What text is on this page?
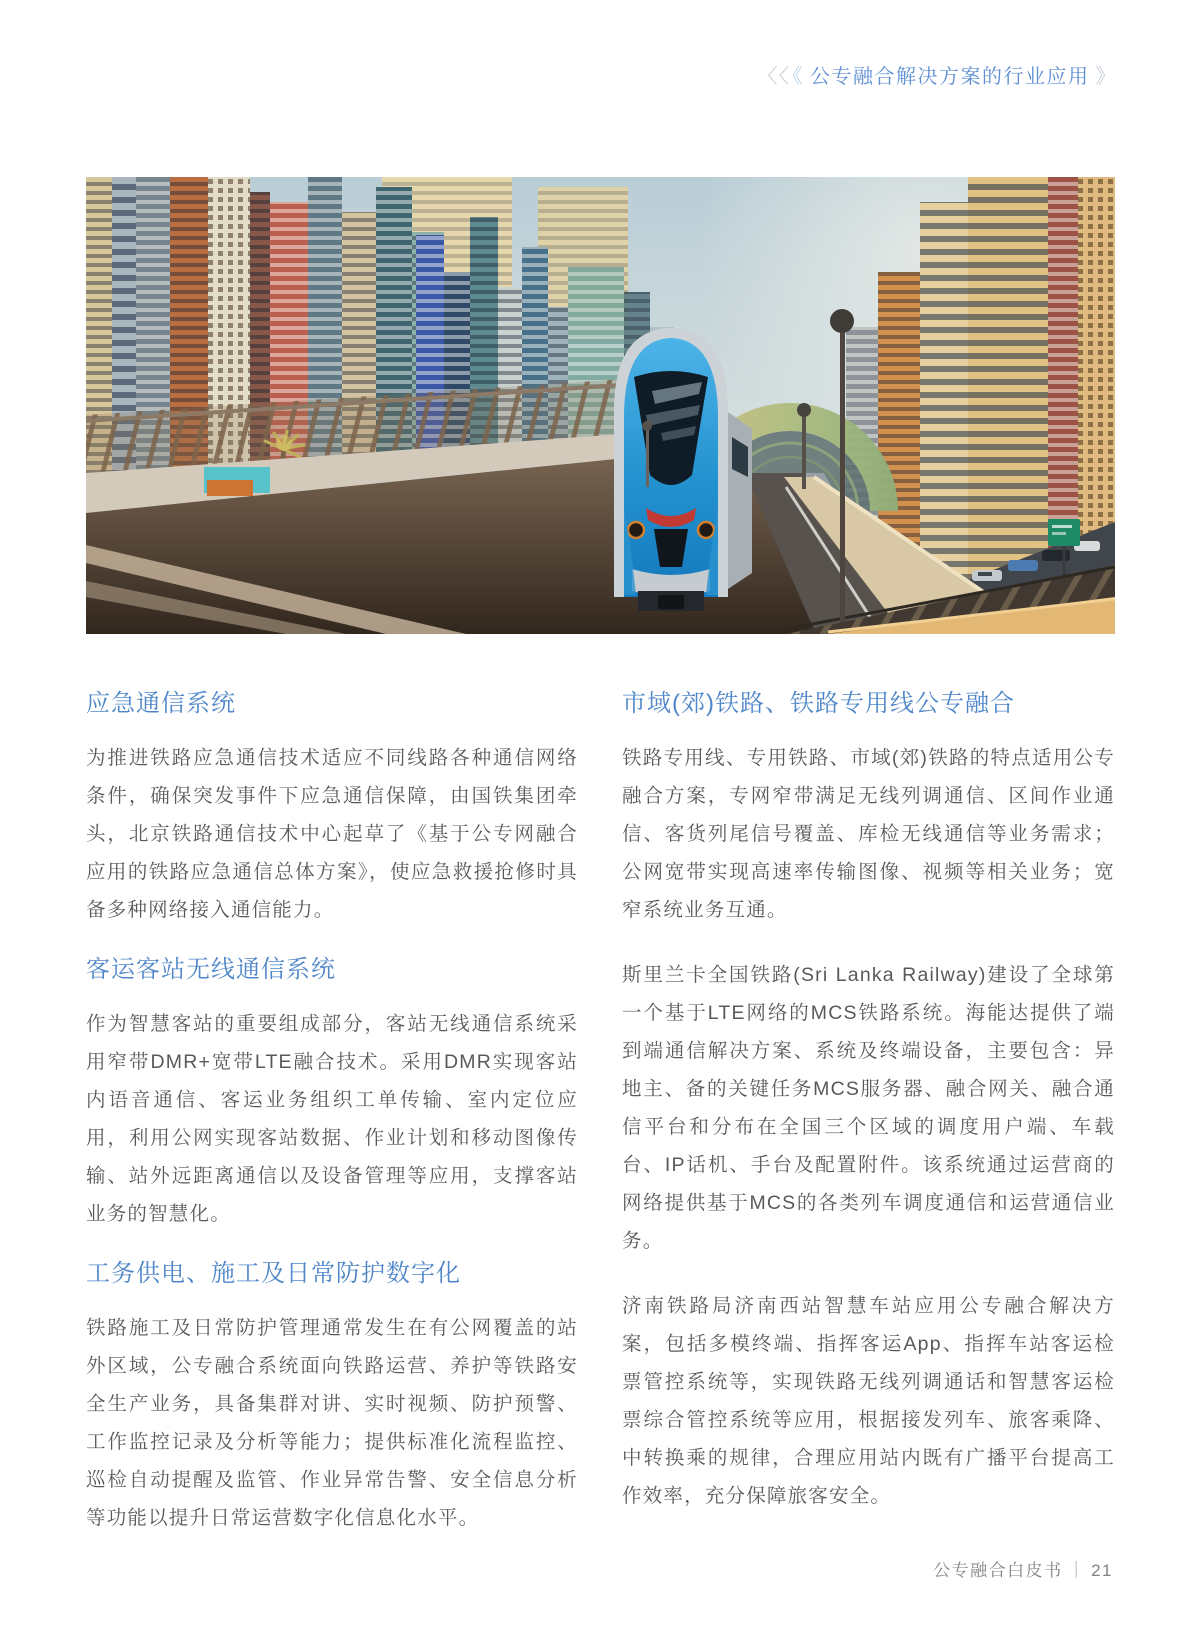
〈〈 《 公专融合解决方案的行业应用 》
应急通信系统

为推进铁路应急通信技术适应不同线路各种通信网络条件，确保突发事件下应急通信保障，由国铁集团牵头，北京铁路通信技术中心起草了《基于公专网融合应用的铁路应急通信总体方案》，使应急救援抢修时具备多种网络接入通信能力。

客运客站无线通信系统

作为智慧客站的重要组成部分，客站无线通信系统采用窄带DMR+宽带LTE融合技术。采用DMR实现客站内语音通信、客运业务组织工单传输、室内定位应用，利用公网实现客站数据、作业计划和移动图像传输、站外远距离通信以及设备管理等应用，支撑客站业务的智慧化。

工务供电、施工及日常防护数字化

铁路施工及日常防护管理通常发生在有公网覆盖的站外区域，公专融合系统面向铁路运营、养护等铁路安全生产业务，具备集群对讲、实时视频、防护预警、工作监控记录及分析等能力；提供标准化流程监控、巡检自动提醒及监管、作业异常告警、安全信息分析等功能以提升日常运营数字化信息化水平。

市域(郊)铁路、铁路专用线公专融合

铁路专用线、专用铁路、市域(郊)铁路的特点适用公专融合方案，专网窄带满足无线列调通信、区间作业通信、客货列尾信号覆盖、库检无线通信等业务需求；公网宽带实现高速率传输图像、视频等相关业务；宽窄系统业务互通。

斯里兰卡全国铁路(Sri Lanka Railway)建设了全球第一个基于LTE网络的MCS铁路系统。海能达提供了端到端通信解决方案、系统及终端设备，主要包含：异地主、备的关键任务MCS服务器、融合网关、融合通信平台和分布在全国三个区域的调度用户端、车载台、IP话机、手台及配置附件。该系统通过运营商的网络提供基于MCS的各类列车调度通信和运营通信业务。

济南铁路局济南西站智慧车站应用公专融合解决方案，包括多模终端、指挥客运App、指挥车站客运检票管控系统等，实现铁路无线列调通话和智慧客运检票综合管控系统等应用，根据接发列车、旅客乘降、中转换乘的规律，合理应用站内既有广播平台提高工作效率，充分保障旅客安全。

公专融合白皮书 ｜ 21
